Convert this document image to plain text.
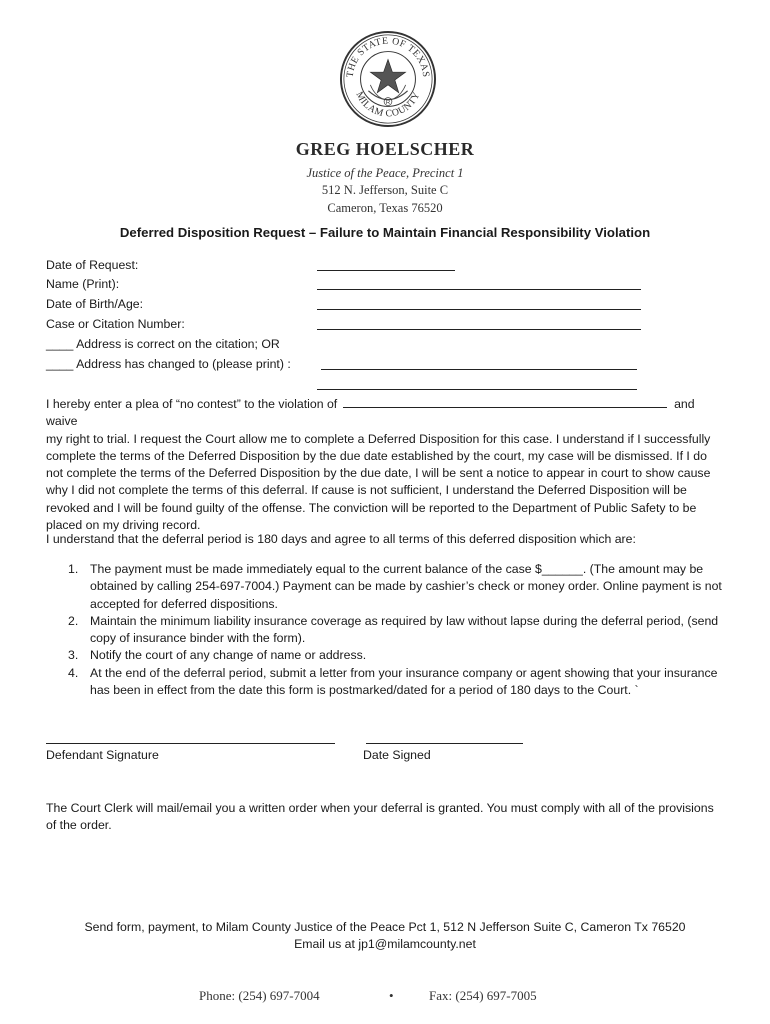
THE STATE OF TEXAS
MILAM COUNTY
R
GREG HOELSCHER
Justice of the Peace, Precinct 1
512 N. Jefferson, Suite C
Cameron, Texas 76520
Deferred Disposition Request – Failure to Maintain Financial Responsibility Violation
Date of Request:
Name (Print):
Date of Birth/Age:
Case or Citation Number:
____ Address is correct on the citation; OR
____ Address has changed to (please print) :
I hereby enter a plea of “no contest” to the violation of	and waive
my right to trial. I request the Court allow me to complete a Deferred Disposition for this case. I understand if I successfully complete the terms of the Deferred Disposition by the due date established by the court, my case will be dismissed. If I do not complete the terms of the Deferred Disposition by the due date, I will be sent a notice to appear in court to show cause why I did not complete the terms of this deferral. If cause is not sufficient, I understand the Deferred Disposition will be revoked and I will be found guilty of the offense. The conviction will be reported to the Department of Public Safety to be placed on my driving record.
I understand that the deferral period is 180 days and agree to all terms of this deferred disposition which are:
1. The payment must be made immediately equal to the current balance of the case $______. (The amount may be obtained by calling 254-697-7004.) Payment can be made by cashier’s check or money order. Online payment is not accepted for deferred dispositions.
2. Maintain the minimum liability insurance coverage as required by law without lapse during the deferral period, (send copy of insurance binder with the form).
3. Notify the court of any change of name or address.
4. At the end of the deferral period, submit a letter from your insurance company or agent showing that your insurance has been in effect from the date this form is postmarked/dated for a period of 180 days to the Court. `
Defendant Signature	Date Signed
The Court Clerk will mail/email you a written order when your deferral is granted. You must comply with all of the provisions of the order.
Send form, payment, to Milam County Justice of the Peace Pct 1, 512 N Jefferson Suite C, Cameron Tx 76520
Email us at jp1@milamcounty.net
Phone: (254) 697-7004	•	Fax: (254) 697-7005
